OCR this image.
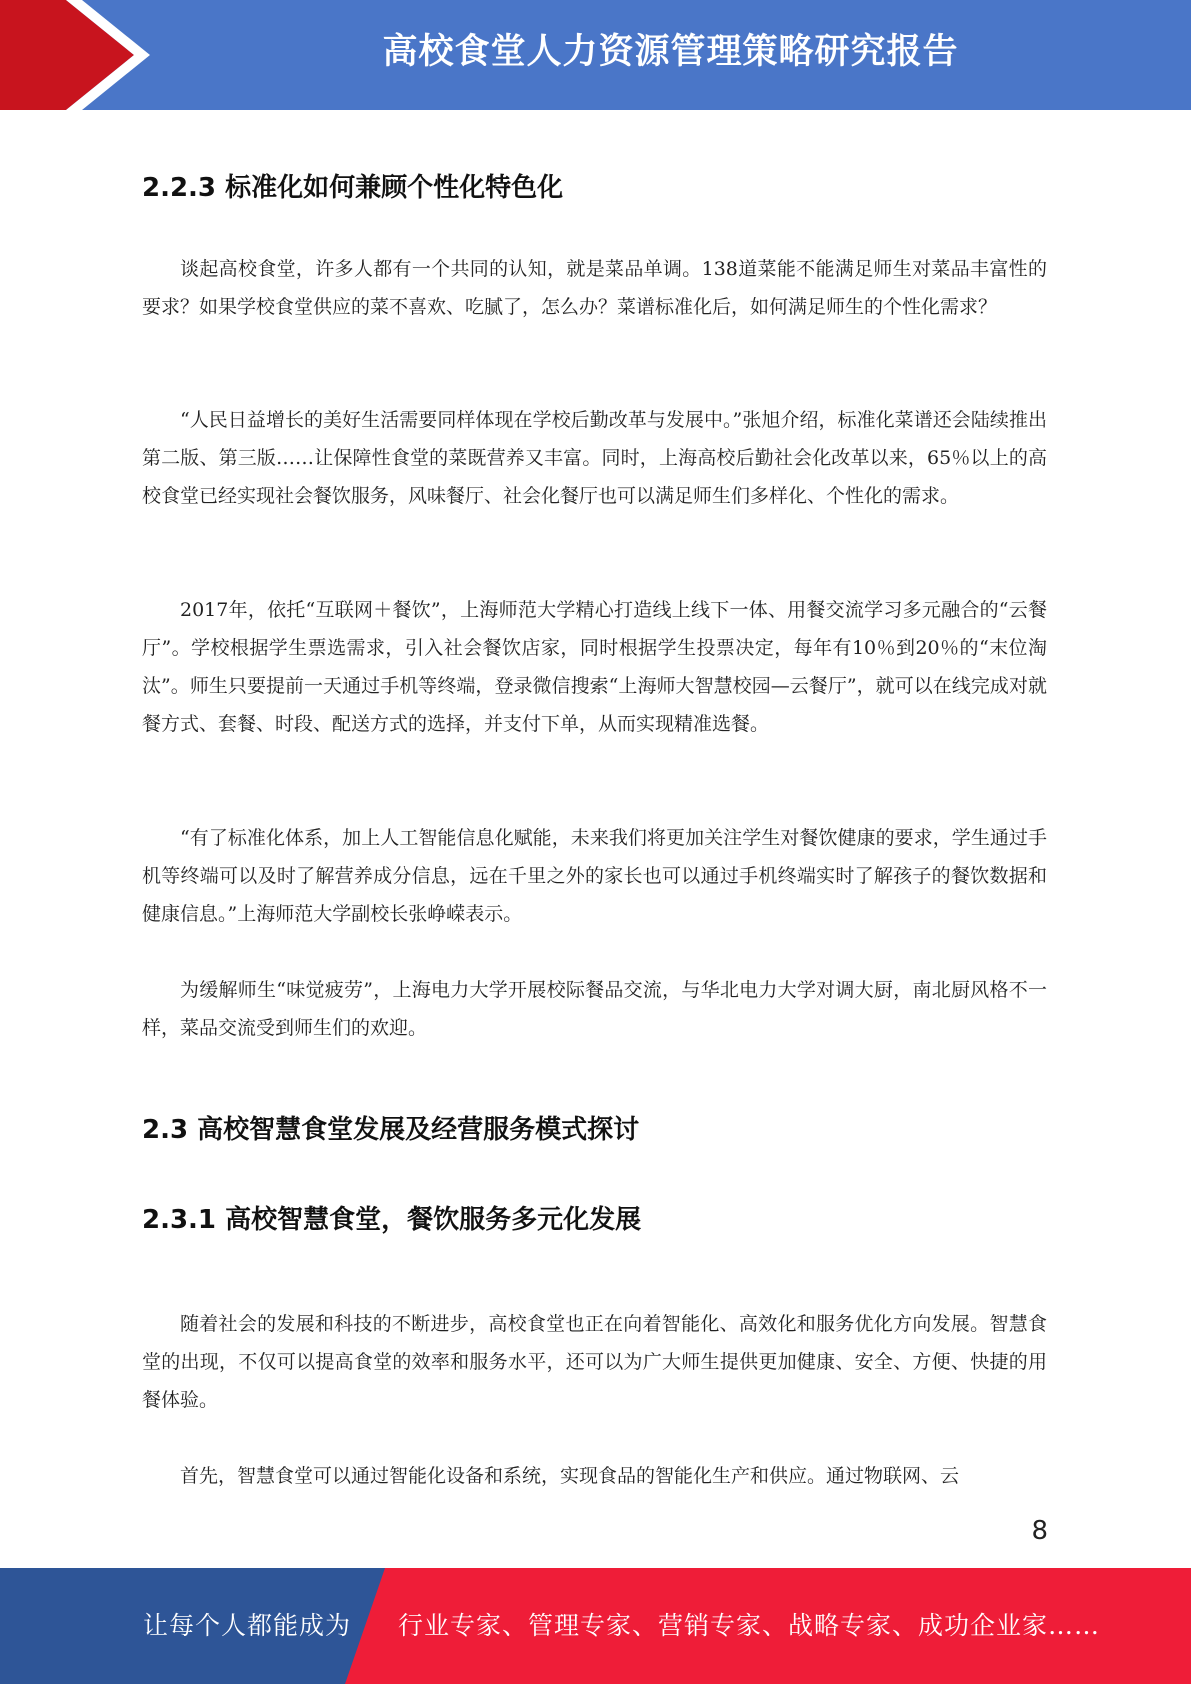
高校食堂人力资源管理策略研究报告
2.2.3 标准化如何兼顾个性化特色化

谈起高校食堂，许多人都有一个共同的认知，就是菜品单调。138道菜能不能满足师生对菜品丰富性的要求？如果学校食堂供应的菜不喜欢、吃腻了，怎么办？菜谱标准化后，如何满足师生的个性化需求？

“人民日益增长的美好生活需要同样体现在学校后勤改革与发展中。”张旭介绍，标准化菜谱还会陆续推出第二版、第三版……让保障性食堂的菜既营养又丰富。同时，上海高校后勤社会化改革以来，65％以上的高校食堂已经实现社会餐饮服务，风味餐厅、社会化餐厅也可以满足师生们多样化、个性化的需求。

2017年，依托“互联网＋餐饮”，上海师范大学精心打造线上线下一体、用餐交流学习多元融合的“云餐厅”。学校根据学生票选需求，引入社会餐饮店家，同时根据学生投票决定，每年有10％到20％的“末位淘汰”。师生只要提前一天通过手机等终端，登录微信搜索“上海师大智慧校园—云餐厅”，就可以在线完成对就餐方式、套餐、时段、配送方式的选择，并支付下单，从而实现精准选餐。

“有了标准化体系，加上人工智能信息化赋能，未来我们将更加关注学生对餐饮健康的要求，学生通过手机等终端可以及时了解营养成分信息，远在千里之外的家长也可以通过手机终端实时了解孩子的餐饮数据和健康信息。”上海师范大学副校长张峥嵘表示。

为缓解师生“味觉疲劳”，上海电力大学开展校际餐品交流，与华北电力大学对调大厨，南北厨风格不一样，菜品交流受到师生们的欢迎。

2.3 高校智慧食堂发展及经营服务模式探讨
2.3.1 高校智慧食堂，餐饮服务多元化发展

随着社会的发展和科技的不断进步，高校食堂也正在向着智能化、高效化和服务优化方向发展。智慧食堂的出现，不仅可以提高食堂的效率和服务水平，还可以为广大师生提供更加健康、安全、方便、快捷的用餐体验。

首先，智慧食堂可以通过智能化设备和系统，实现食品的智能化生产和供应。通过物联网、云

8
让每个人都能成为 行业专家、管理专家、营销专家、战略专家、成功企业家……
